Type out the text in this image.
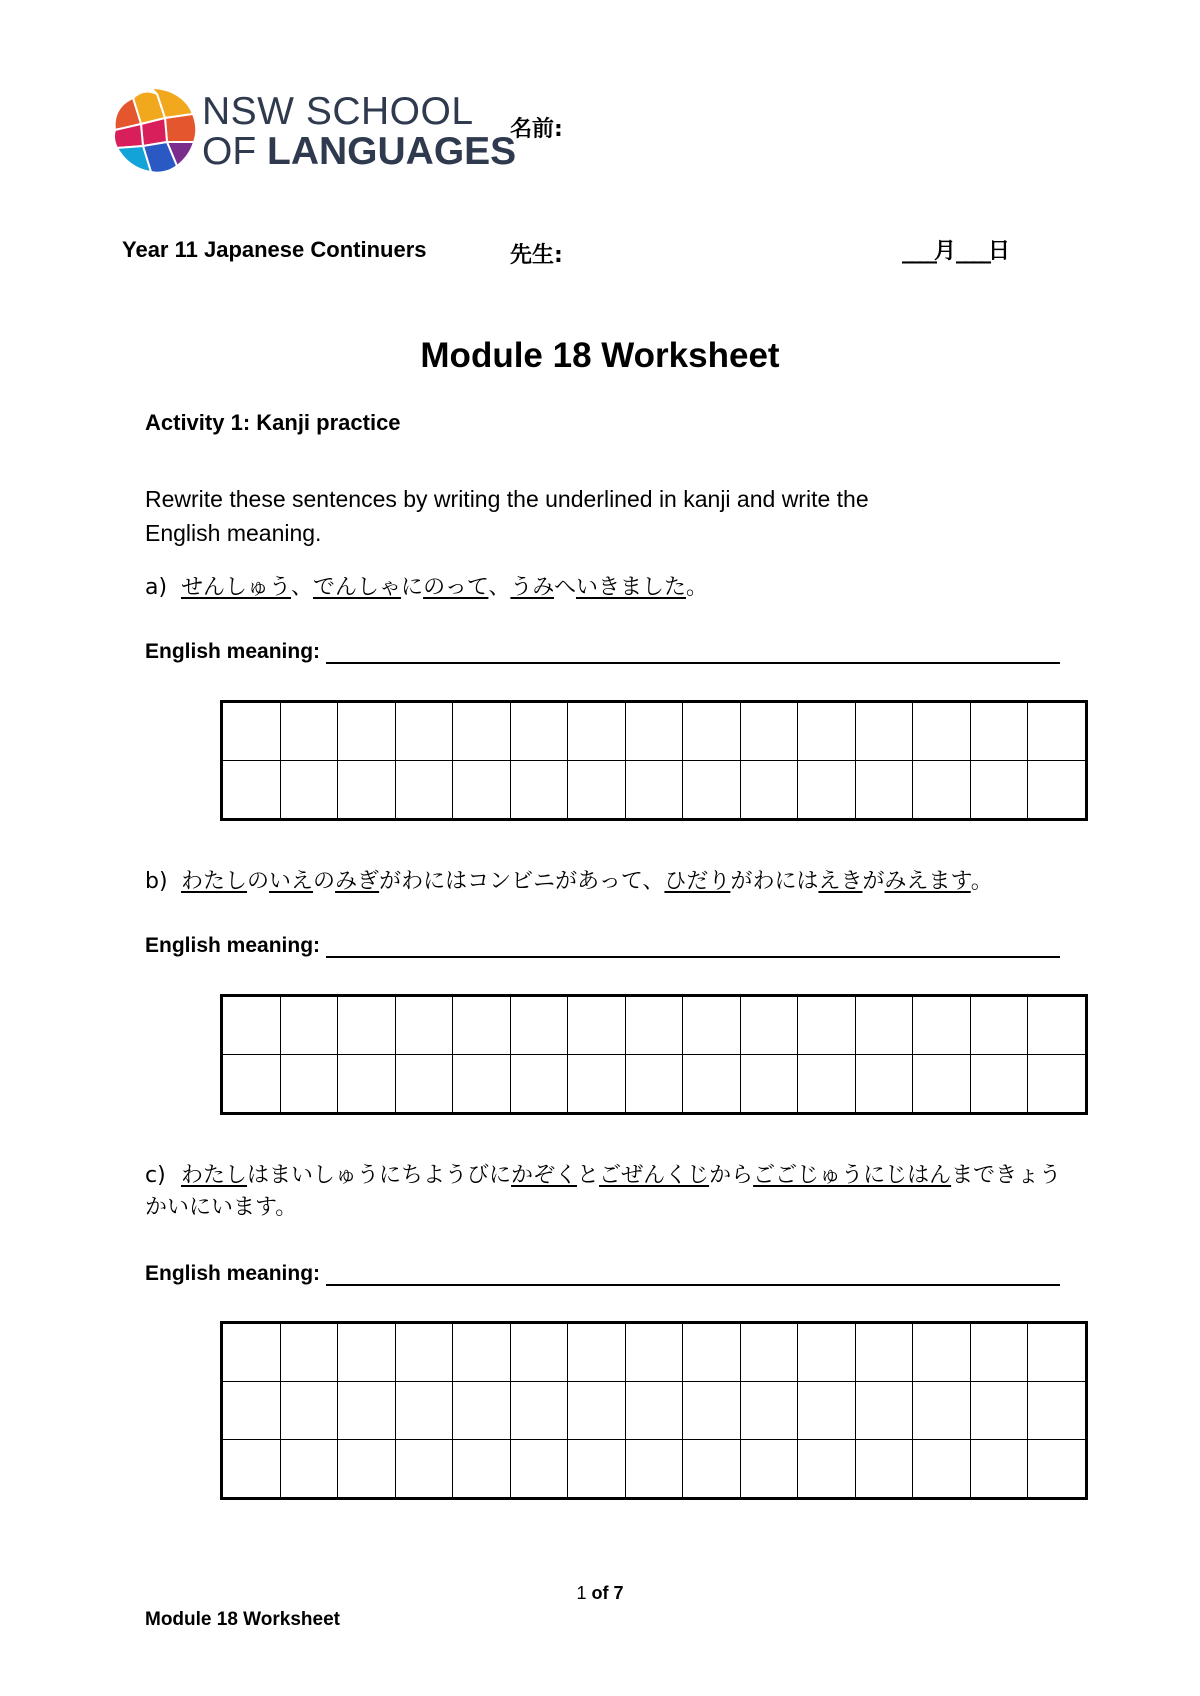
NSW SCHOOL
OF LANGUAGES
名前:
Year 11 Japanese Continuers	先生:	____月____日
Module 18 Worksheet
Activity 1: Kanji practice
Rewrite these sentences by writing the underlined in kanji and write the
English meaning.
a) せんしゅう、でんしゃにのって、うみへいきました。
English meaning:

b) わたしのいえのみぎがわにはコンビニがあって、ひだりがわにはえきがみえます。
English meaning:

c) わたしはまいしゅうにちようびにかぞくとごぜんくじからごごじゅうにじはんまできょうかいにいます。
English meaning:

1 of 7
Module 18 Worksheet
